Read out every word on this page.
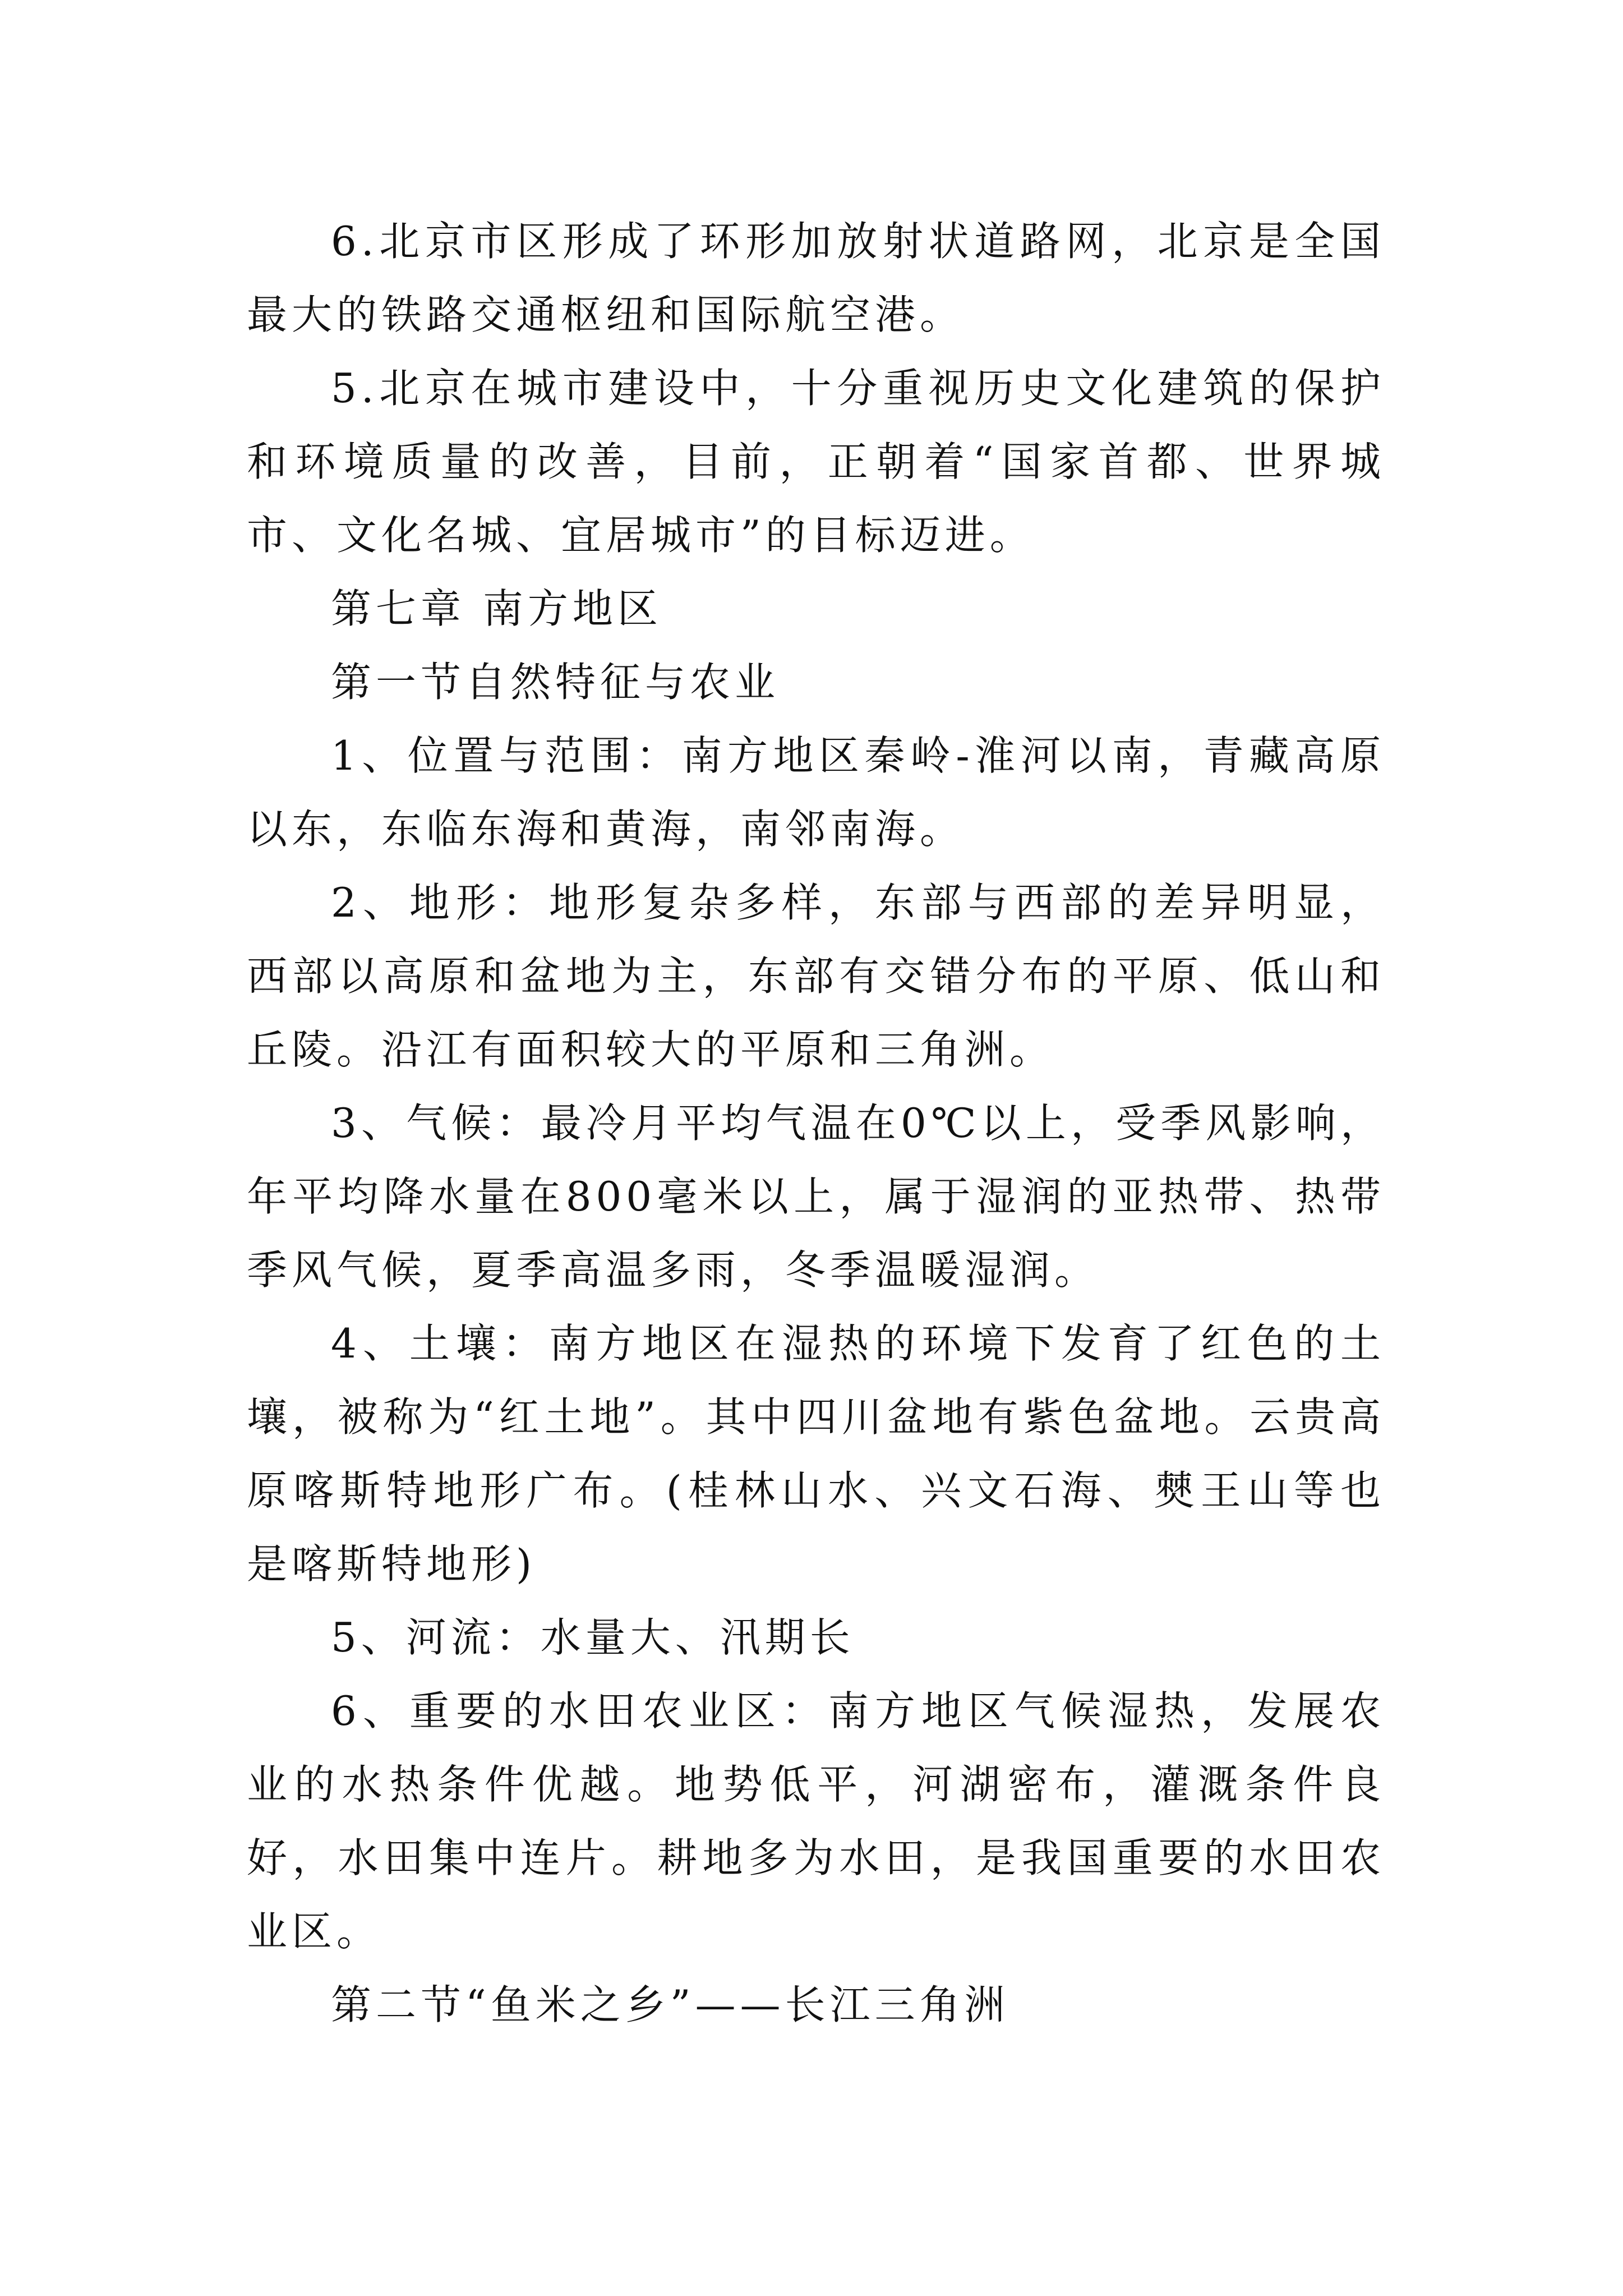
6.北京市区形成了环形加放射状道路网，北京是全国最大的铁路交通枢纽和国际航空港。

5.北京在城市建设中，十分重视历史文化建筑的保护和环境质量的改善，目前，正朝着“国家首都、世界城市、文化名城、宜居城市”的目标迈进。

第七章 南方地区

第一节自然特征与农业

1、位置与范围：南方地区秦岭-淮河以南，青藏高原以东，东临东海和黄海，南邻南海。

2、地形：地形复杂多样，东部与西部的差异明显，西部以高原和盆地为主，东部有交错分布的平原、低山和丘陵。沿江有面积较大的平原和三角洲。

3、气候：最冷月平均气温在0℃以上，受季风影响，年平均降水量在800毫米以上，属于湿润的亚热带、热带季风气候，夏季高温多雨，冬季温暖湿润。

4、土壤：南方地区在湿热的环境下发育了红色的土壤，被称为“红土地”。其中四川盆地有紫色盆地。云贵高原喀斯特地形广布。(桂林山水、兴文石海、僰王山等也是喀斯特地形)

5、河流：水量大、汛期长

6、重要的水田农业区：南方地区气候湿热，发展农业的水热条件优越。地势低平，河湖密布，灌溉条件良好，水田集中连片。耕地多为水田，是我国重要的水田农业区。

第二节“鱼米之乡”——长江三角洲
